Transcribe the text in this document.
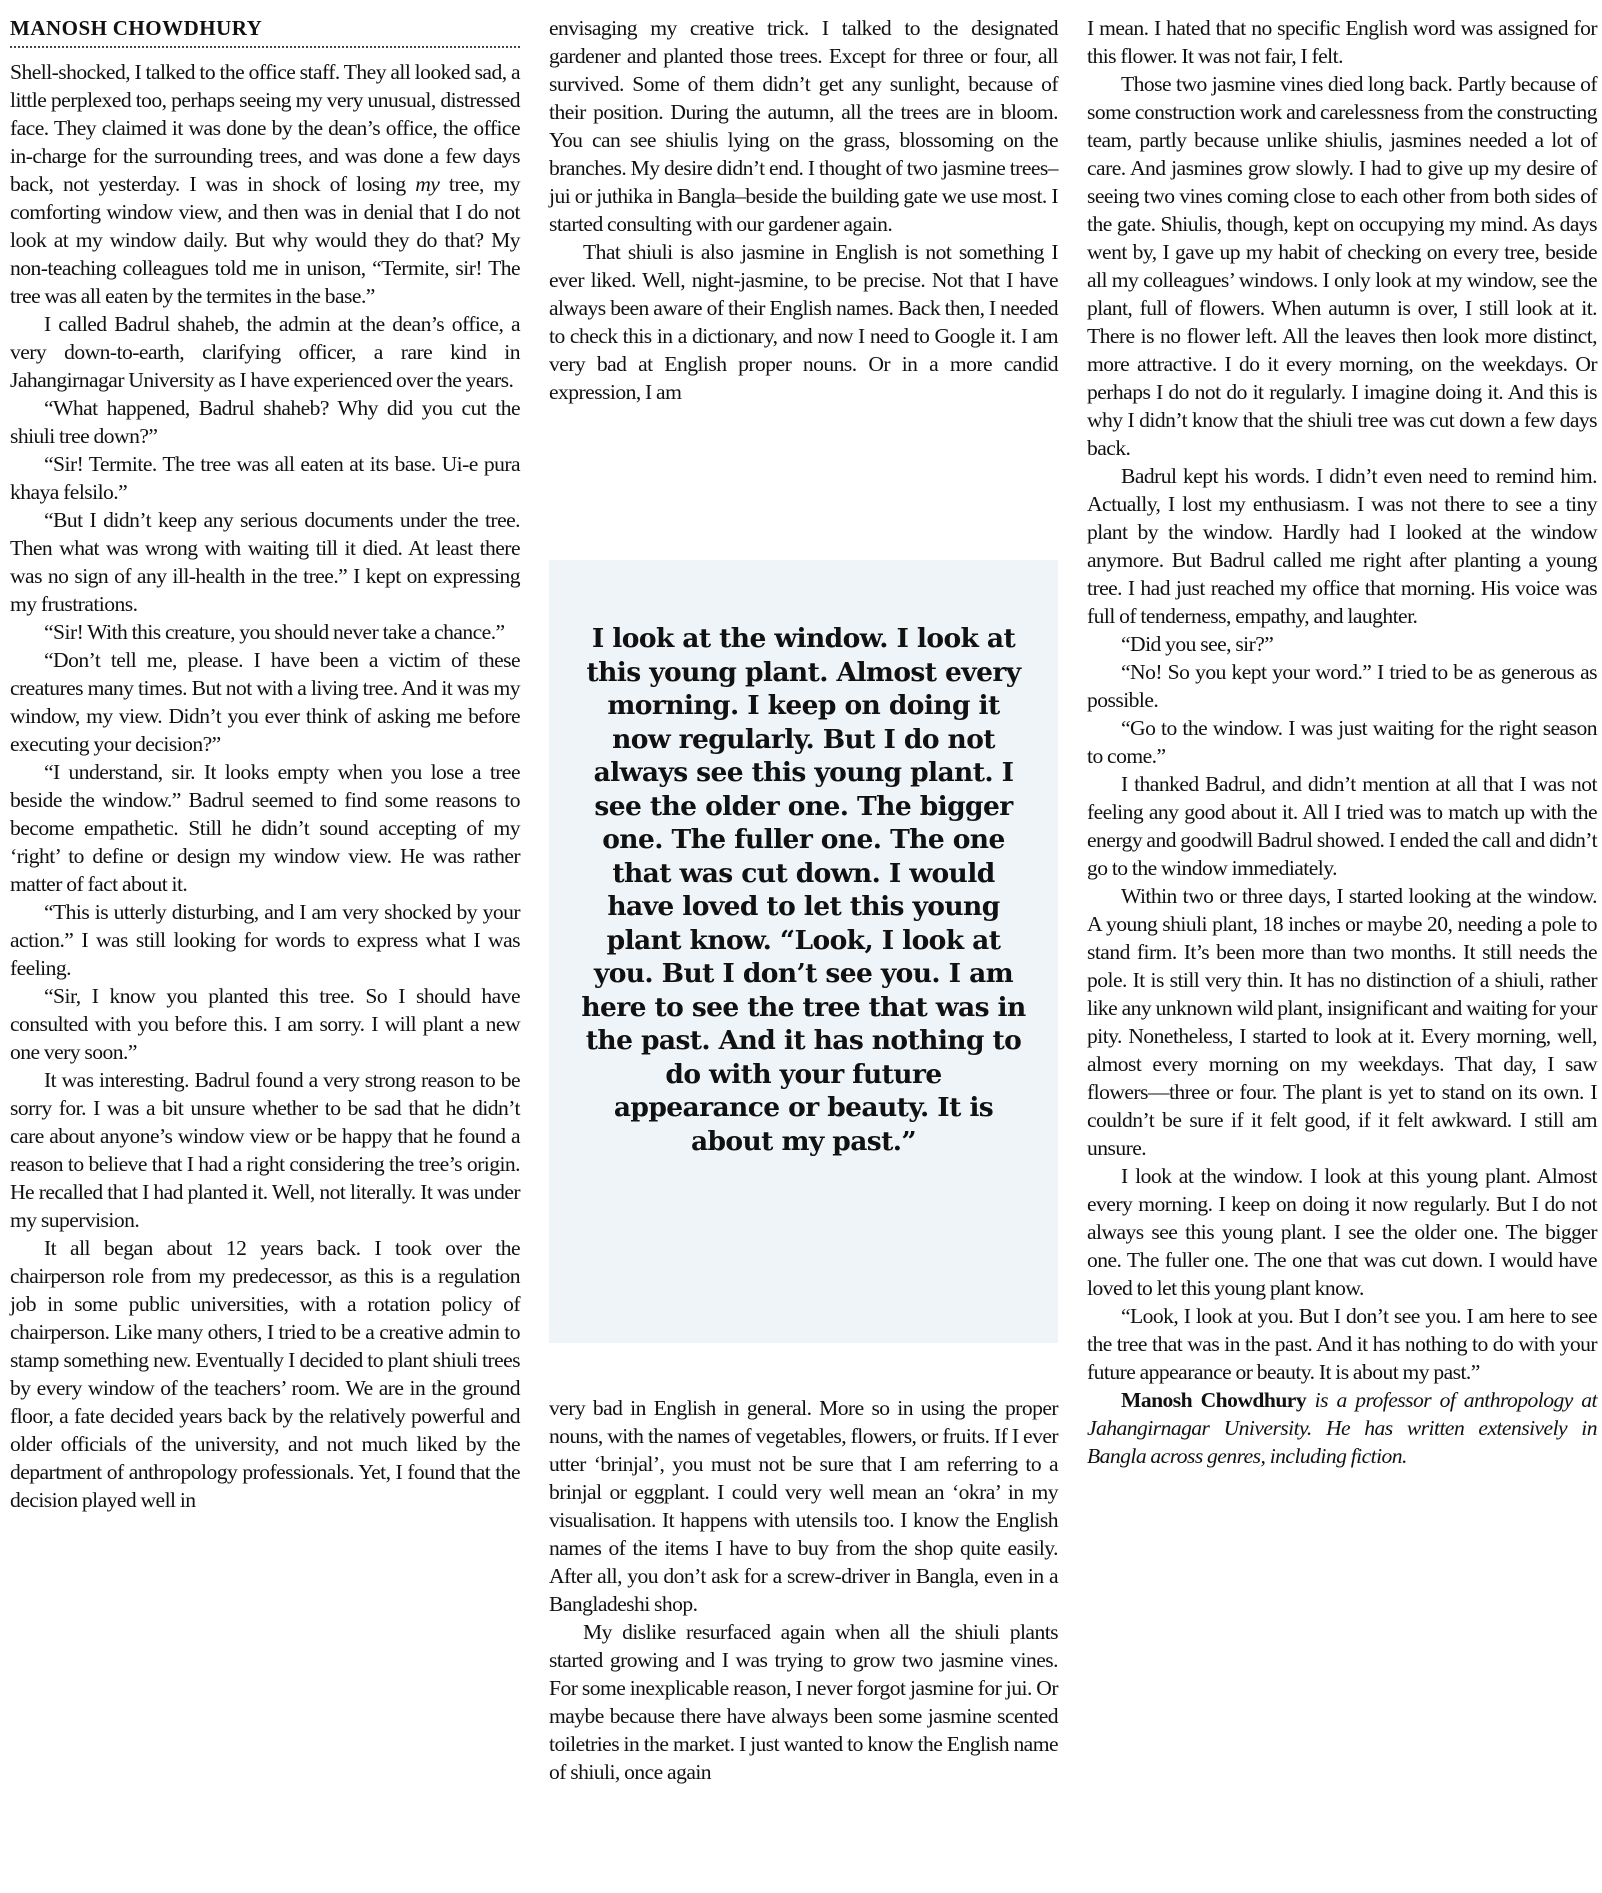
MANOSH CHOWDHURY

Shell-shocked, I talked to the office staff. They all looked sad, a little perplexed too, perhaps seeing my very unusual, distressed face. They claimed it was done by the dean’s office, the office in-charge for the surrounding trees, and was done a few days back, not yesterday. I was in shock of losing my tree, my comforting window view, and then was in denial that I do not look at my window daily. But why would they do that? My non-teaching colleagues told me in unison, “Termite, sir! The tree was all eaten by the termites in the base.”

I called Badrul shaheb, the admin at the dean’s office, a very down-to-earth, clarifying officer, a rare kind in Jahangirnagar University as I have experienced over the years.

“What happened, Badrul shaheb? Why did you cut the shiuli tree down?”

“Sir! Termite. The tree was all eaten at its base. Ui-e pura khaya felsilo.”

“But I didn’t keep any serious documents under the tree. Then what was wrong with waiting till it died. At least there was no sign of any ill-health in the tree.” I kept on expressing my frustrations.

“Sir! With this creature, you should never take a chance.”

“Don’t tell me, please. I have been a victim of these creatures many times. But not with a living tree. And it was my window, my view. Didn’t you ever think of asking me before executing your decision?”

“I understand, sir. It looks empty when you lose a tree beside the window.” Badrul seemed to find some reasons to become empathetic. Still he didn’t sound accepting of my ‘right’ to define or design my window view. He was rather matter of fact about it.

“This is utterly disturbing, and I am very shocked by your action.” I was still looking for words to express what I was feeling.

“Sir, I know you planted this tree. So I should have consulted with you before this. I am sorry. I will plant a new one very soon.”

It was interesting. Badrul found a very strong reason to be sorry for. I was a bit unsure whether to be sad that he didn’t care about anyone’s window view or be happy that he found a reason to believe that I had a right considering the tree’s origin. He recalled that I had planted it. Well, not literally. It was under my supervision.

It all began about 12 years back. I took over the chairperson role from my predecessor, as this is a regulation job in some public universities, with a rotation policy of chairperson. Like many others, I tried to be a creative admin to stamp something new. Eventually I decided to plant shiuli trees by every window of the teachers’ room. We are in the ground floor, a fate decided years back by the relatively powerful and older officials of the university, and not much liked by the department of anthropology professionals. Yet, I found that the decision played well in

envisaging my creative trick. I talked to the designated gardener and planted those trees. Except for three or four, all survived. Some of them didn’t get any sunlight, because of their position. During the autumn, all the trees are in bloom. You can see shiulis lying on the grass, blossoming on the branches. My desire didn’t end. I thought of two jasmine trees–jui or juthika in Bangla–beside the building gate we use most. I started consulting with our gardener again.

That shiuli is also jasmine in English is not something I ever liked. Well, night-jasmine, to be precise. Not that I have always been aware of their English names. Back then, I needed to check this in a dictionary, and now I need to Google it. I am very bad at English proper nouns. Or in a more candid expression, I am

I look at the window. I look at this young plant. Almost every morning. I keep on doing it now regularly. But I do not always see this young plant. I see the older one. The bigger one. The fuller one. The one that was cut down. I would have loved to let this young plant know. “Look, I look at you. But I don’t see you. I am here to see the tree that was in the past. And it has nothing to do with your future appearance or beauty. It is about my past.”

very bad in English in general. More so in using the proper nouns, with the names of vegetables, flowers, or fruits. If I ever utter ‘brinjal’, you must not be sure that I am referring to a brinjal or eggplant. I could very well mean an ‘okra’ in my visualisation. It happens with utensils too. I know the English names of the items I have to buy from the shop quite easily. After all, you don’t ask for a screw-driver in Bangla, even in a Bangladeshi shop.

My dislike resurfaced again when all the shiuli plants started growing and I was trying to grow two jasmine vines. For some inexplicable reason, I never forgot jasmine for jui. Or maybe because there have always been some jasmine scented toiletries in the market. I just wanted to know the English name of shiuli, once again

I mean. I hated that no specific English word was assigned for this flower. It was not fair, I felt.

Those two jasmine vines died long back. Partly because of some construction work and carelessness from the constructing team, partly because unlike shiulis, jasmines needed a lot of care. And jasmines grow slowly. I had to give up my desire of seeing two vines coming close to each other from both sides of the gate. Shiulis, though, kept on occupying my mind. As days went by, I gave up my habit of checking on every tree, beside all my colleagues’ windows. I only look at my window, see the plant, full of flowers. When autumn is over, I still look at it. There is no flower left. All the leaves then look more distinct, more attractive. I do it every morning, on the weekdays. Or perhaps I do not do it regularly. I imagine doing it. And this is why I didn’t know that the shiuli tree was cut down a few days back.

Badrul kept his words. I didn’t even need to remind him. Actually, I lost my enthusiasm. I was not there to see a tiny plant by the window. Hardly had I looked at the window anymore. But Badrul called me right after planting a young tree. I had just reached my office that morning. His voice was full of tenderness, empathy, and laughter.

“Did you see, sir?”

“No! So you kept your word.” I tried to be as generous as possible.

“Go to the window. I was just waiting for the right season to come.”

I thanked Badrul, and didn’t mention at all that I was not feeling any good about it. All I tried was to match up with the energy and goodwill Badrul showed. I ended the call and didn’t go to the window immediately.

Within two or three days, I started looking at the window. A young shiuli plant, 18 inches or maybe 20, needing a pole to stand firm. It’s been more than two months. It still needs the pole. It is still very thin. It has no distinction of a shiuli, rather like any unknown wild plant, insignificant and waiting for your pity. Nonetheless, I started to look at it. Every morning, well, almost every morning on my weekdays. That day, I saw flowers—three or four. The plant is yet to stand on its own. I couldn’t be sure if it felt good, if it felt awkward. I still am unsure.

I look at the window. I look at this young plant. Almost every morning. I keep on doing it now regularly. But I do not always see this young plant. I see the older one. The bigger one. The fuller one. The one that was cut down. I would have loved to let this young plant know.

“Look, I look at you. But I don’t see you. I am here to see the tree that was in the past. And it has nothing to do with your future appearance or beauty. It is about my past.”

Manosh Chowdhury is a professor of anthropology at Jahangirnagar University. He has written extensively in Bangla across genres, including fiction.
